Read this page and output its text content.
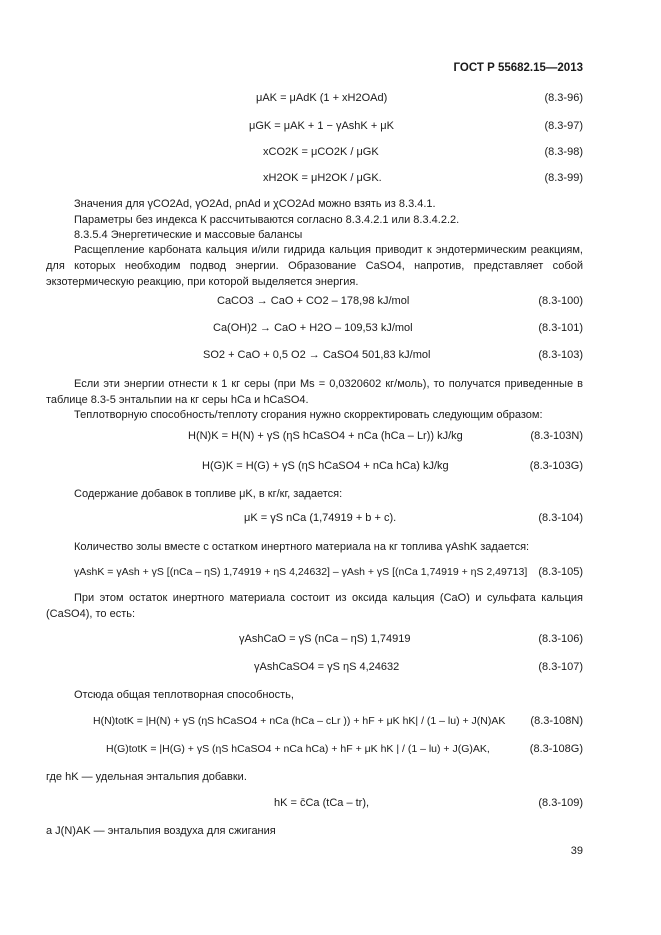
ГОСТ Р 55682.15—2013
μAK = μAdK (1 + xH2OAd)	(8.3-96)
μGK = μAK + 1 − γAshK + μK	(8.3-97)
xCO2K = μCO2K / μGK	(8.3-98)
xH2OK = μH2OK / μGK.	(8.3-99)
Значения для γCO2Ad, γO2Ad, ρnAd и χCO2Ad можно взять из 8.3.4.1.
Параметры без индекса К рассчитываются согласно 8.3.4.2.1 или 8.3.4.2.2.
8.3.5.4 Энергетические и массовые балансы
Расщепление карбоната кальция и/или гидрида кальция приводит к эндотермическим реакциям, для которых необходим подвод энергии. Образование CaSO4, напротив, представляет собой экзотермическую реакцию, при которой выделяется энергия.
CaCO3 → CaO + CO2 – 178,98 kJ/mol	(8.3-100)
Ca(OH)2 → CaO + H2O – 109,53 kJ/mol	(8.3-101)
SO2 + CaO + 0,5 O2 → CaSO4 501,83 kJ/mol	(8.3-103)
Если эти энергии отнести к 1 кг серы (при Ms = 0,0320602 кг/моль), то получатся приведенные в таблице 8.3-5 энтальпии на кг серы hCa и hCaSO4.
Теплотворную способность/теплоту сгорания нужно скорректировать следующим образом:
H(N)K = H(N) + γS (ηS hCaSO4 + nCa (hCa – Lr)) kJ/kg	(8.3-103N)
H(G)K = H(G) + γS (ηS hCaSO4 + nCa hCa) kJ/kg	(8.3-103G)
Содержание добавок в топливе μK, в кг/кг, задается:
μK = γS nCa (1,74919 + b + c).	(8.3-104)
Количество золы вместе с остатком инертного материала на кг топлива γAshK задается:
γAshK = γAsh + γS [(nCa – ηS) 1,74919 + ηS 4,24632] – γAsh + γS [(nCa 1,74919 + ηS 2,49713] (8.3-105)
При этом остаток инертного материала состоит из оксида кальция (CaO) и сульфата кальция (CaSO4), то есть:
γAshCaO = γS (nCa – ηS) 1,74919	(8.3-106)
γAshCaSO4 = γS ηS 4,24632	(8.3-107)
Отсюда общая теплотворная способность,
H(N)totK = |H(N) + γS (ηS hCaSO4 + nCa (hCa – cLr )) + hF + μK hK| / (1 – lu) + J(N)AK (8.3-108N)
H(G)totK = |H(G) + γS (ηS hCaSO4 + nCa hCa) + hF + μK hK | / (1 – lu) + J(G)AK,	(8.3-108G)
где hK — удельная энтальпия добавки.
hK = c̄Ca (tCa – tr),	(8.3-109)
а J(N)AK — энтальпия воздуха для сжигания
39
